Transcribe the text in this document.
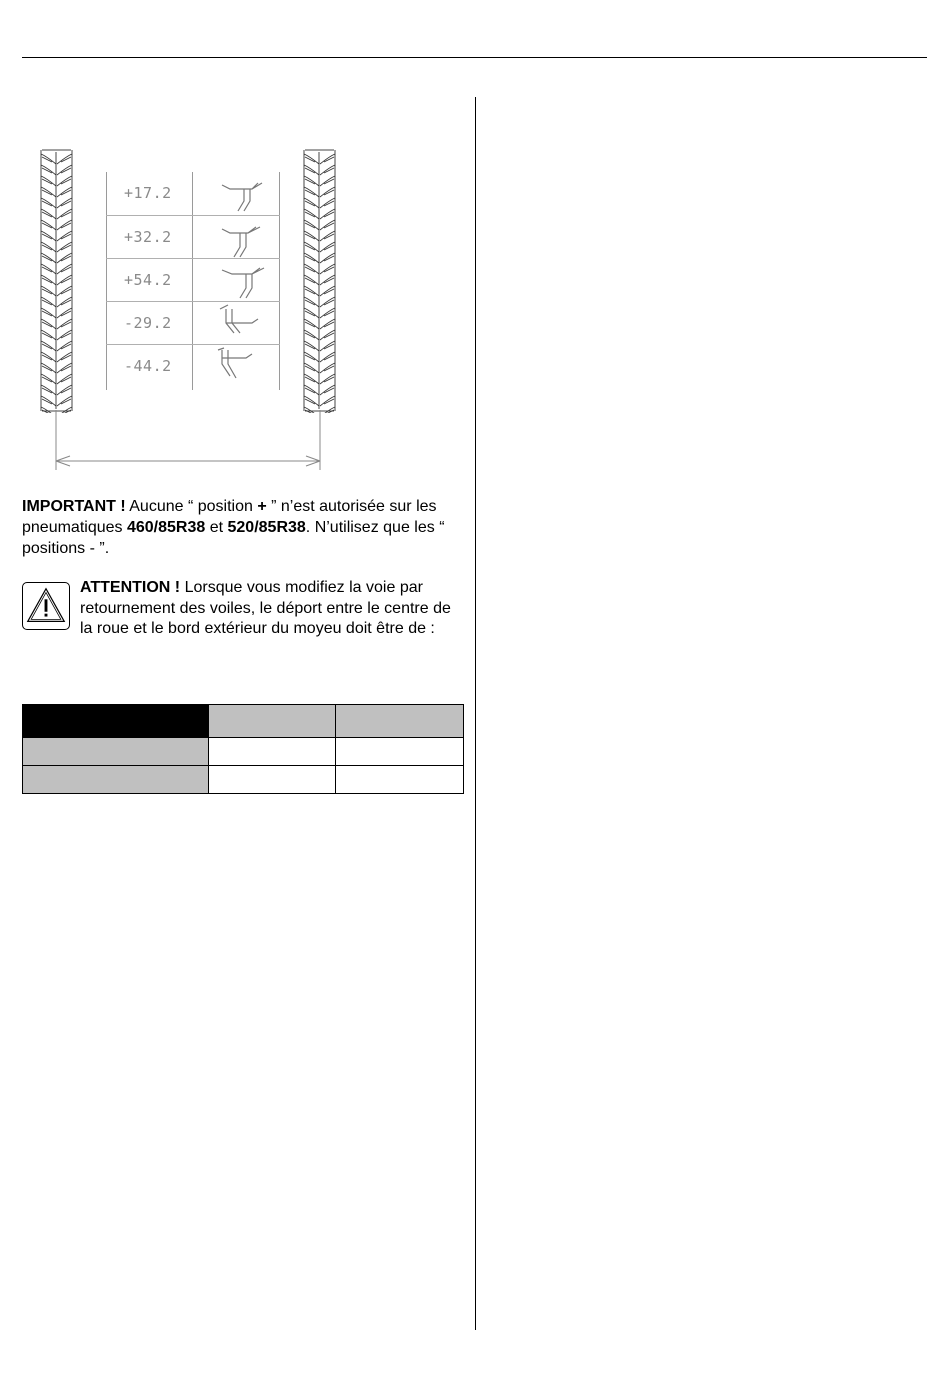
+17.2
+32.2
+54.2
-29.2
-44.2
IMPORTANT ! Aucune “ position + ” n’est autorisée sur les pneumatiques 460/85R38 et 520/85R38. N’utilisez que les “ positions - ”.
ATTENTION ! Lorsque vous modifiez la voie par retournement des voiles, le déport entre le centre de la roue et le bord extérieur du moyeu doit être de :
